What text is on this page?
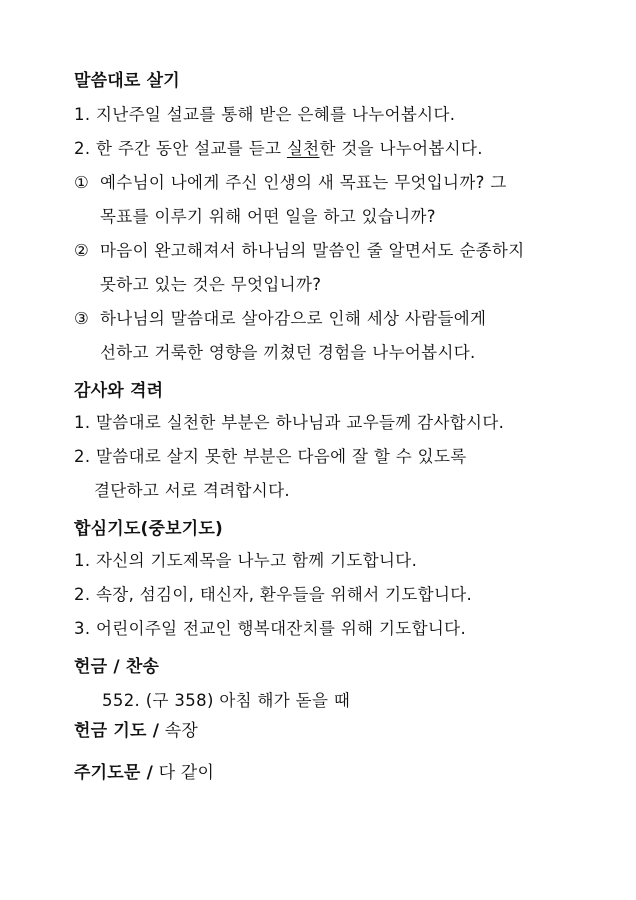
말씀대로 살기
1. 지난주일 설교를 통해 받은 은혜를 나누어봅시다.
2. 한 주간 동안 설교를 듣고 실천한 것을 나누어봅시다.
① 예수님이 나에게 주신 인생의 새 목표는 무엇입니까? 그
목표를 이루기 위해 어떤 일을 하고 있습니까?
② 마음이 완고해져서 하나님의 말씀인 줄 알면서도 순종하지
못하고 있는 것은 무엇입니까?
③ 하나님의 말씀대로 살아감으로 인해 세상 사람들에게
선하고 거룩한 영향을 끼쳤던 경험을 나누어봅시다.
감사와 격려
1. 말씀대로 실천한 부분은 하나님과 교우들께 감사합시다.
2. 말씀대로 살지 못한 부분은 다음에 잘 할 수 있도록
결단하고 서로 격려합시다.
합심기도(중보기도)
1. 자신의 기도제목을 나누고 함께 기도합니다.
2. 속장, 섬김이, 태신자, 환우들을 위해서 기도합니다.
3. 어린이주일 전교인 행복대잔치를 위해 기도합니다.
헌금 / 찬송
552. (구 358) 아침 해가 돋을 때
헌금 기도 / 속장
주기도문 / 다 같이
